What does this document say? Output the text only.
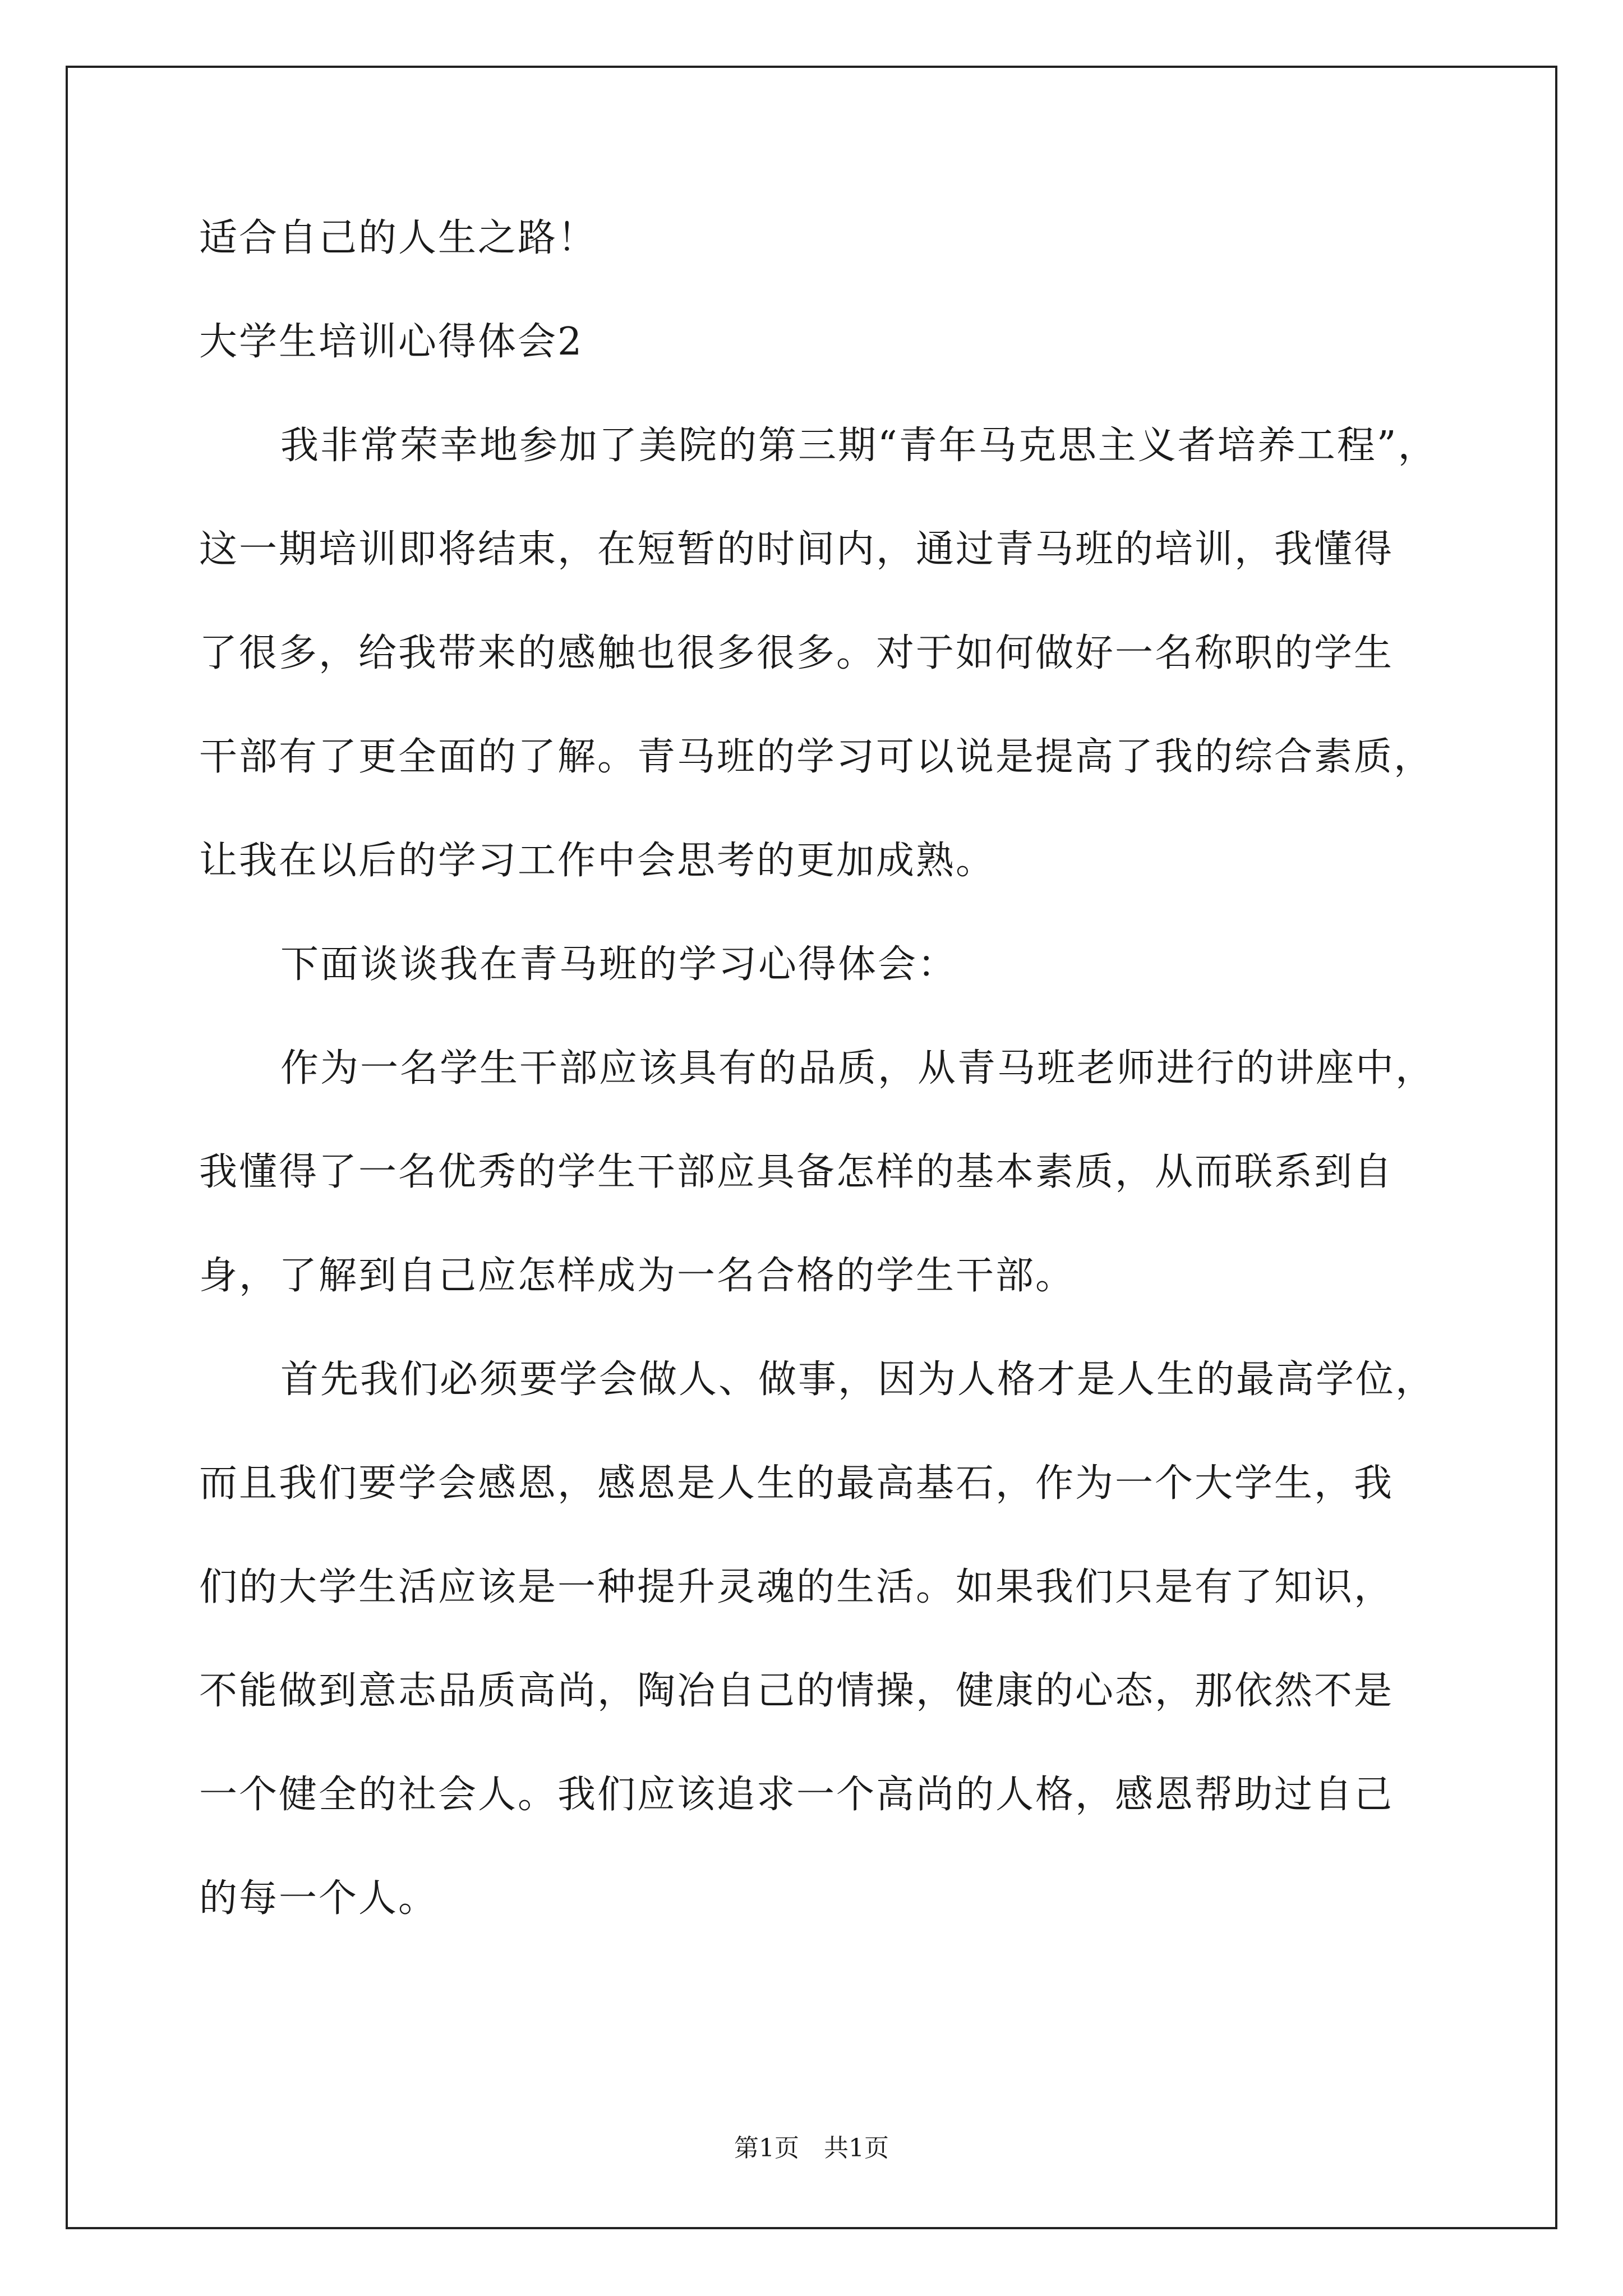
适合自己的人生之路！
大学生培训心得体会2
我非常荣幸地参加了美院的第三期“青年马克思主义者培养工程”，
这一期培训即将结束，在短暂的时间内，通过青马班的培训，我懂得
了很多，给我带来的感触也很多很多。对于如何做好一名称职的学生
干部有了更全面的了解。青马班的学习可以说是提高了我的综合素质，
让我在以后的学习工作中会思考的更加成熟。
下面谈谈我在青马班的学习心得体会：
作为一名学生干部应该具有的品质，从青马班老师进行的讲座中，
我懂得了一名优秀的学生干部应具备怎样的基本素质，从而联系到自
身，了解到自己应怎样成为一名合格的学生干部。
首先我们必须要学会做人、做事，因为人格才是人生的最高学位，
而且我们要学会感恩，感恩是人生的最高基石，作为一个大学生，我
们的大学生活应该是一种提升灵魂的生活。如果我们只是有了知识，
不能做到意志品质高尚，陶冶自己的情操，健康的心态，那依然不是
一个健全的社会人。我们应该追求一个高尚的人格，感恩帮助过自己
的每一个人。
第1页　共1页
